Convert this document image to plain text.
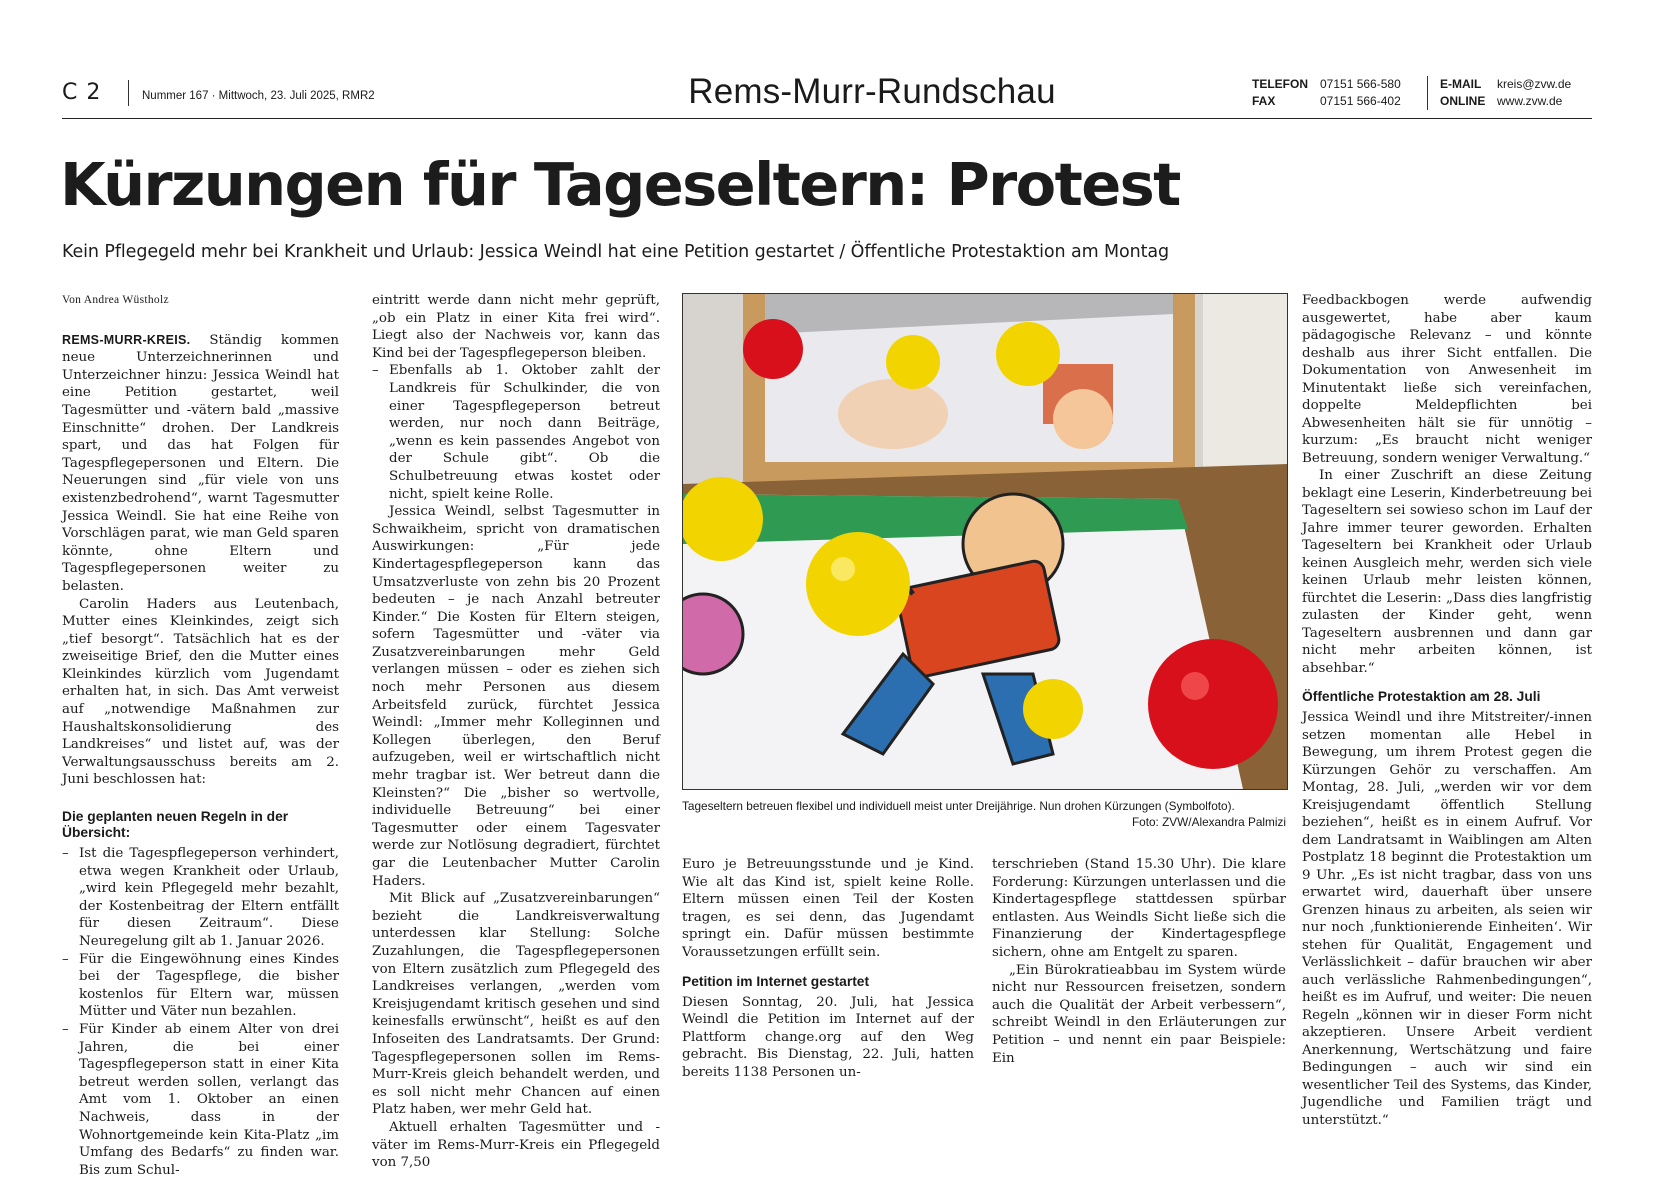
C 2	Nummer 167 · Mittwoch, 23. Juli 2025, RMR2	Rems-Murr-Rundschau	TELEFON 07151 566-580
FAX	07151 566-402
E-MAIL kreis@zvw.de
ONLINE www.zvw.de
Kürzungen für Tageseltern: Protest

Kein Pflegegeld mehr bei Krankheit und Urlaub: Jessica Weindl hat eine Petition gestartet / Öffentliche Protestaktion am Montag

Von Andrea Wüstholz

REMS-MURR-KREIS. Ständig kommen neue Unterzeichnerinnen und Unterzeichner hinzu: Jessica Weindl hat eine Petition gestartet, weil Tagesmütter und -vätern bald „massive Einschnitte“ drohen. Der Landkreis spart, und das hat Folgen für Tagespflegepersonen und Eltern. Die Neuerungen sind „für viele von uns existenzbedrohend“, warnt Tagesmutter Jessica Weindl. Sie hat eine Reihe von Vorschlägen parat, wie man Geld sparen könnte, ohne Eltern und Tagespflegepersonen weiter zu belasten.

Carolin Haders aus Leutenbach, Mutter eines Kleinkindes, zeigt sich „tief besorgt“. Tatsächlich hat es der zweiseitige Brief, den die Mutter eines Kleinkindes kürzlich vom Jugendamt erhalten hat, in sich. Das Amt verweist auf „notwendige Maßnahmen zur Haushaltskonsolidierung des Landkreises“ und listet auf, was der Verwaltungsausschuss bereits am 2. Juni beschlossen hat:

Die geplanten neuen Regeln in der Übersicht:

– Ist die Tagespflegeperson verhindert, etwa wegen Krankheit oder Urlaub, „wird kein Pflegegeld mehr bezahlt, der Kostenbeitrag der Eltern entfällt für diesen Zeitraum“. Diese Neuregelung gilt ab 1. Januar 2026.

– Für die Eingewöhnung eines Kindes bei der Tagespflege, die bisher kostenlos für Eltern war, müssen Mütter und Väter nun bezahlen.

– Für Kinder ab einem Alter von drei Jahren, die bei einer Tagespflegeperson statt in einer Kita betreut werden sollen, verlangt das Amt vom 1. Oktober an einen Nachweis, dass in der Wohnortgemeinde kein Kita-Platz „im Umfang des Bedarfs“ zu finden war. Bis zum Schul-

eintritt werde dann nicht mehr geprüft, „ob ein Platz in einer Kita frei wird“. Liegt also der Nachweis vor, kann das Kind bei der Tagespflegeperson bleiben.

– Ebenfalls ab 1. Oktober zahlt der Landkreis für Schulkinder, die von einer Tagespflegeperson betreut werden, nur noch dann Beiträge, „wenn es kein passendes Angebot von der Schule gibt“. Ob die Schulbetreuung etwas kostet oder nicht, spielt keine Rolle.

Jessica Weindl, selbst Tagesmutter in Schwaikheim, spricht von dramatischen Auswirkungen: „Für jede Kindertagespflegeperson kann das Umsatzverluste von zehn bis 20 Prozent bedeuten – je nach Anzahl betreuter Kinder.“ Die Kosten für Eltern steigen, sofern Tagesmütter und -väter via Zusatzvereinbarungen mehr Geld verlangen müssen – oder es ziehen sich noch mehr Personen aus diesem Arbeitsfeld zurück, fürchtet Jessica Weindl: „Immer mehr Kolleginnen und Kollegen überlegen, den Beruf aufzugeben, weil er wirtschaftlich nicht mehr tragbar ist. Wer betreut dann die Kleinsten?“ Die „bisher so wertvolle, individuelle Betreuung“ bei einer Tagesmutter oder einem Tagesvater werde zur Notlösung degradiert, fürchtet gar die Leutenbacher Mutter Carolin Haders.

Mit Blick auf „Zusatzvereinbarungen“ bezieht die Landkreisverwaltung unterdessen klar Stellung: Solche Zuzahlungen, die Tagespflegepersonen von Eltern zusätzlich zum Pflegegeld des Landkreises verlangen, „werden vom Kreisjugendamt kritisch gesehen und sind keinesfalls erwünscht“, heißt es auf den Infoseiten des Landratsamts. Der Grund: Tagespflegepersonen sollen im Rems-Murr-Kreis gleich behandelt werden, und es soll nicht mehr Chancen auf einen Platz haben, wer mehr Geld hat.

Aktuell erhalten Tagesmütter und -väter im Rems-Murr-Kreis ein Pflegegeld von 7,50

Tageseltern betreuen flexibel und individuell meist unter Dreijährige. Nun drohen Kürzungen (Symbolfoto).

Foto: ZVW/Alexandra Palmizi

Euro je Betreuungsstunde und je Kind. Wie alt das Kind ist, spielt keine Rolle. Eltern müssen einen Teil der Kosten tragen, es sei denn, das Jugendamt springt ein. Dafür müssen bestimmte Voraussetzungen erfüllt sein.

Petition im Internet gestartet

Diesen Sonntag, 20. Juli, hat Jessica Weindl die Petition im Internet auf der Plattform change.org auf den Weg gebracht. Bis Dienstag, 22. Juli, hatten bereits 1138 Personen un-

terschrieben (Stand 15.30 Uhr). Die klare Forderung: Kürzungen unterlassen und die Kindertagespflege stattdessen spürbar entlasten. Aus Weindls Sicht ließe sich die Finanzierung der Kindertagespflege sichern, ohne am Entgelt zu sparen.

„Ein Bürokratieabbau im System würde nicht nur Ressourcen freisetzen, sondern auch die Qualität der Arbeit verbessern“, schreibt Weindl in den Erläuterungen zur Petition – und nennt ein paar Beispiele: Ein

Feedbackbogen werde aufwendig ausgewertet, habe aber kaum pädagogische Relevanz – und könnte deshalb aus ihrer Sicht entfallen. Die Dokumentation von Anwesenheit im Minutentakt ließe sich vereinfachen, doppelte Meldepflichten bei Abwesenheiten hält sie für unnötig – kurzum: „Es braucht nicht weniger Betreuung, sondern weniger Verwaltung.“

In einer Zuschrift an diese Zeitung beklagt eine Leserin, Kinderbetreuung bei Tageseltern sei sowieso schon im Lauf der Jahre immer teurer geworden. Erhalten Tageseltern bei Krankheit oder Urlaub keinen Ausgleich mehr, werden sich viele keinen Urlaub mehr leisten können, fürchtet die Leserin: „Dass dies langfristig zulasten der Kinder geht, wenn Tageseltern ausbrennen und dann gar nicht mehr arbeiten können, ist absehbar.“

Öffentliche Protestaktion am 28. Juli

Jessica Weindl und ihre Mitstreiter/-innen setzen momentan alle Hebel in Bewegung, um ihrem Protest gegen die Kürzungen Gehör zu verschaffen. Am Montag, 28. Juli, „werden wir vor dem Kreisjugendamt öffentlich Stellung beziehen“, heißt es in einem Aufruf. Vor dem Landratsamt in Waiblingen am Alten Postplatz 18 beginnt die Protestaktion um 9 Uhr. „Es ist nicht tragbar, dass von uns erwartet wird, dauerhaft über unsere Grenzen hinaus zu arbeiten, als seien wir nur noch ‚funktionierende Einheiten‘. Wir stehen für Qualität, Engagement und Verlässlichkeit – dafür brauchen wir aber auch verlässliche Rahmenbedingungen“, heißt es im Aufruf, und weiter: Die neuen Regeln „können wir in dieser Form nicht akzeptieren. Unsere Arbeit verdient Anerkennung, Wertschätzung und faire Bedingungen – auch wir sind ein wesentlicher Teil des Systems, das Kinder, Jugendliche und Familien trägt und unterstützt.“
